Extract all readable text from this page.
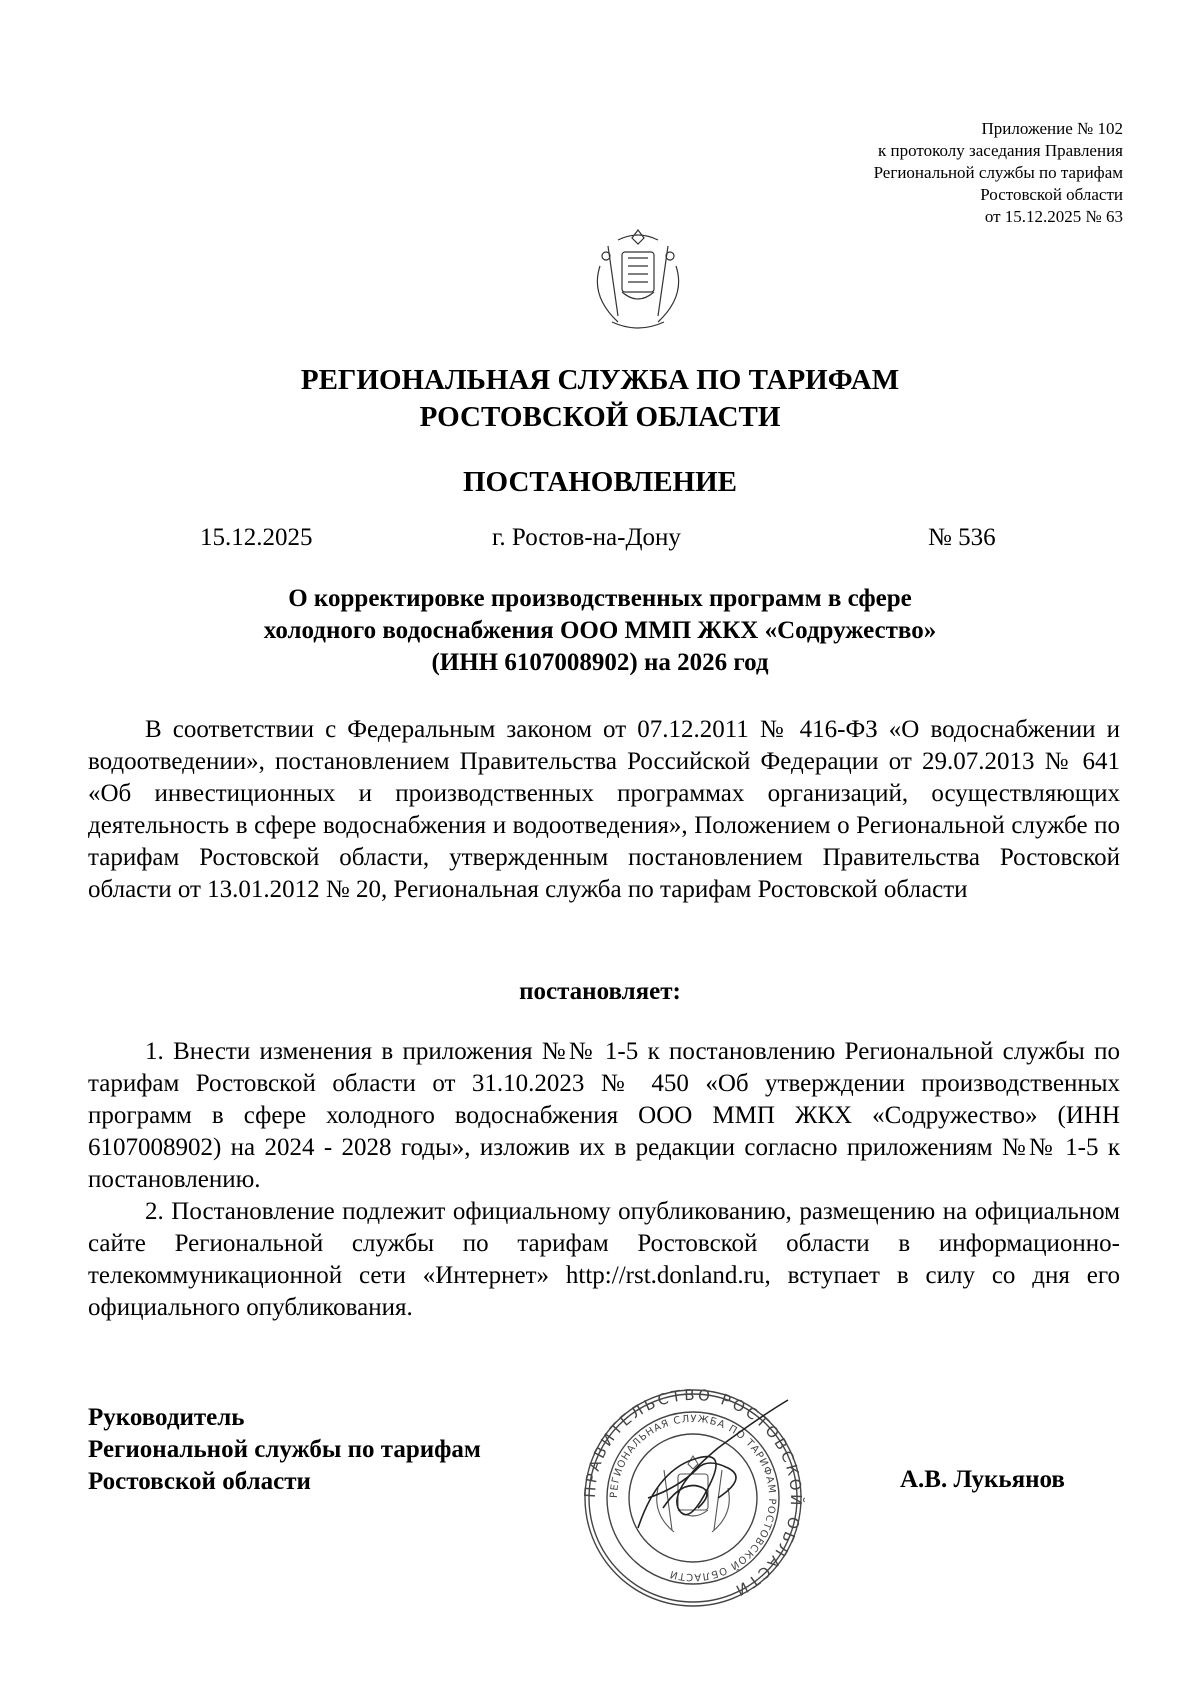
Приложение № 102
к протоколу заседания Правления
Региональной службы по тарифам
Ростовской области
от 15.12.2025 № 63
РЕГИОНАЛЬНАЯ СЛУЖБА ПО ТАРИФАМ
РОСТОВСКОЙ ОБЛАСТИ
ПОСТАНОВЛЕНИЕ
15.12.2025	г. Ростов-на-Дону	№ 536
О корректировке производственных программ в сфере
холодного водоснабжения ООО ММП ЖКХ «Содружество»
(ИНН 6107008902) на 2026 год

В соответствии с Федеральным законом от 07.12.2011 № 416-ФЗ «О водоснабжении и водоотведении», постановлением Правительства Российской Федерации от 29.07.2013 № 641 «Об инвестиционных и производственных программах организаций, осуществляющих деятельность в сфере водоснабжения и водоотведения», Положением о Региональной службе по тарифам Ростовской области, утвержденным постановлением Правительства Ростовской области от 13.01.2012 № 20, Региональная служба по тарифам Ростовской области

постановляет:

1. Внести изменения в приложения №№ 1-5 к постановлению Региональной службы по тарифам Ростовской области от 31.10.2023 № 450 «Об утверждении производственных программ в сфере холодного водоснабжения ООО ММП ЖКХ «Содружество» (ИНН 6107008902) на 2024 - 2028 годы», изложив их в редакции согласно приложениям №№ 1-5 к постановлению.

2. Постановление подлежит официальному опубликованию, размещению на официальном сайте Региональной службы по тарифам Ростовской области в информационно-телекоммуникационной сети «Интернет» http://rst.donland.ru, вступает в силу со дня его официального опубликования.

Руководитель
Региональной службы по тарифам
Ростовской области	А.В. Лукьянов
ПРАВИТЕЛЬСТВО РОСТОВСКОЙ ОБЛАСТИ
РЕГИОНАЛЬНАЯ СЛУЖБА ПО ТАРИФАМ РОСТОВСКОЙ ОБЛАСТИ
